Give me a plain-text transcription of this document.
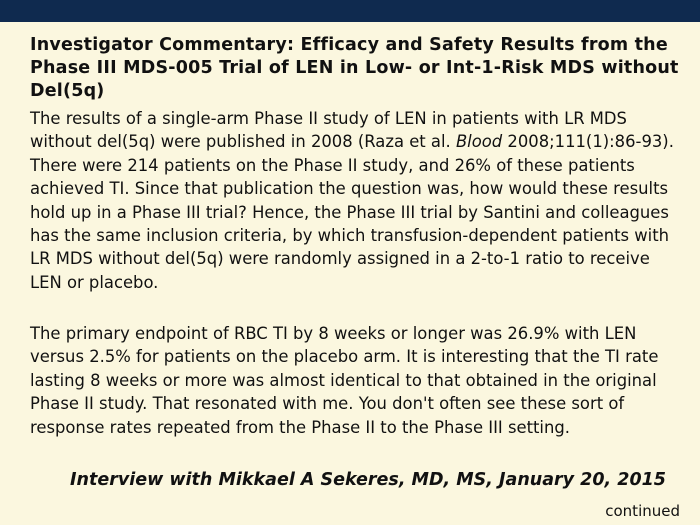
Investigator Commentary: Efficacy and Safety Results from the Phase III MDS-005 Trial of LEN in Low- or Int-1-Risk MDS without Del(5q)
The results of a single-arm Phase II study of LEN in patients with LR MDS without del(5q) were published in 2008 (Raza et al. Blood 2008;111(1):86-93). There were 214 patients on the Phase II study, and 26% of these patients achieved TI. Since that publication the question was, how would these results hold up in a Phase III trial? Hence, the Phase III trial by Santini and colleagues has the same inclusion criteria, by which transfusion-dependent patients with LR MDS without del(5q) were randomly assigned in a 2-to-1 ratio to receive LEN or placebo.
The primary endpoint of RBC TI by 8 weeks or longer was 26.9% with LEN versus 2.5% for patients on the placebo arm. It is interesting that the TI rate lasting 8 weeks or more was almost identical to that obtained in the original Phase II study. That resonated with me. You don't often see these sort of response rates repeated from the Phase II to the Phase III setting.
Interview with Mikkael A Sekeres, MD, MS, January 20, 2015
continued
